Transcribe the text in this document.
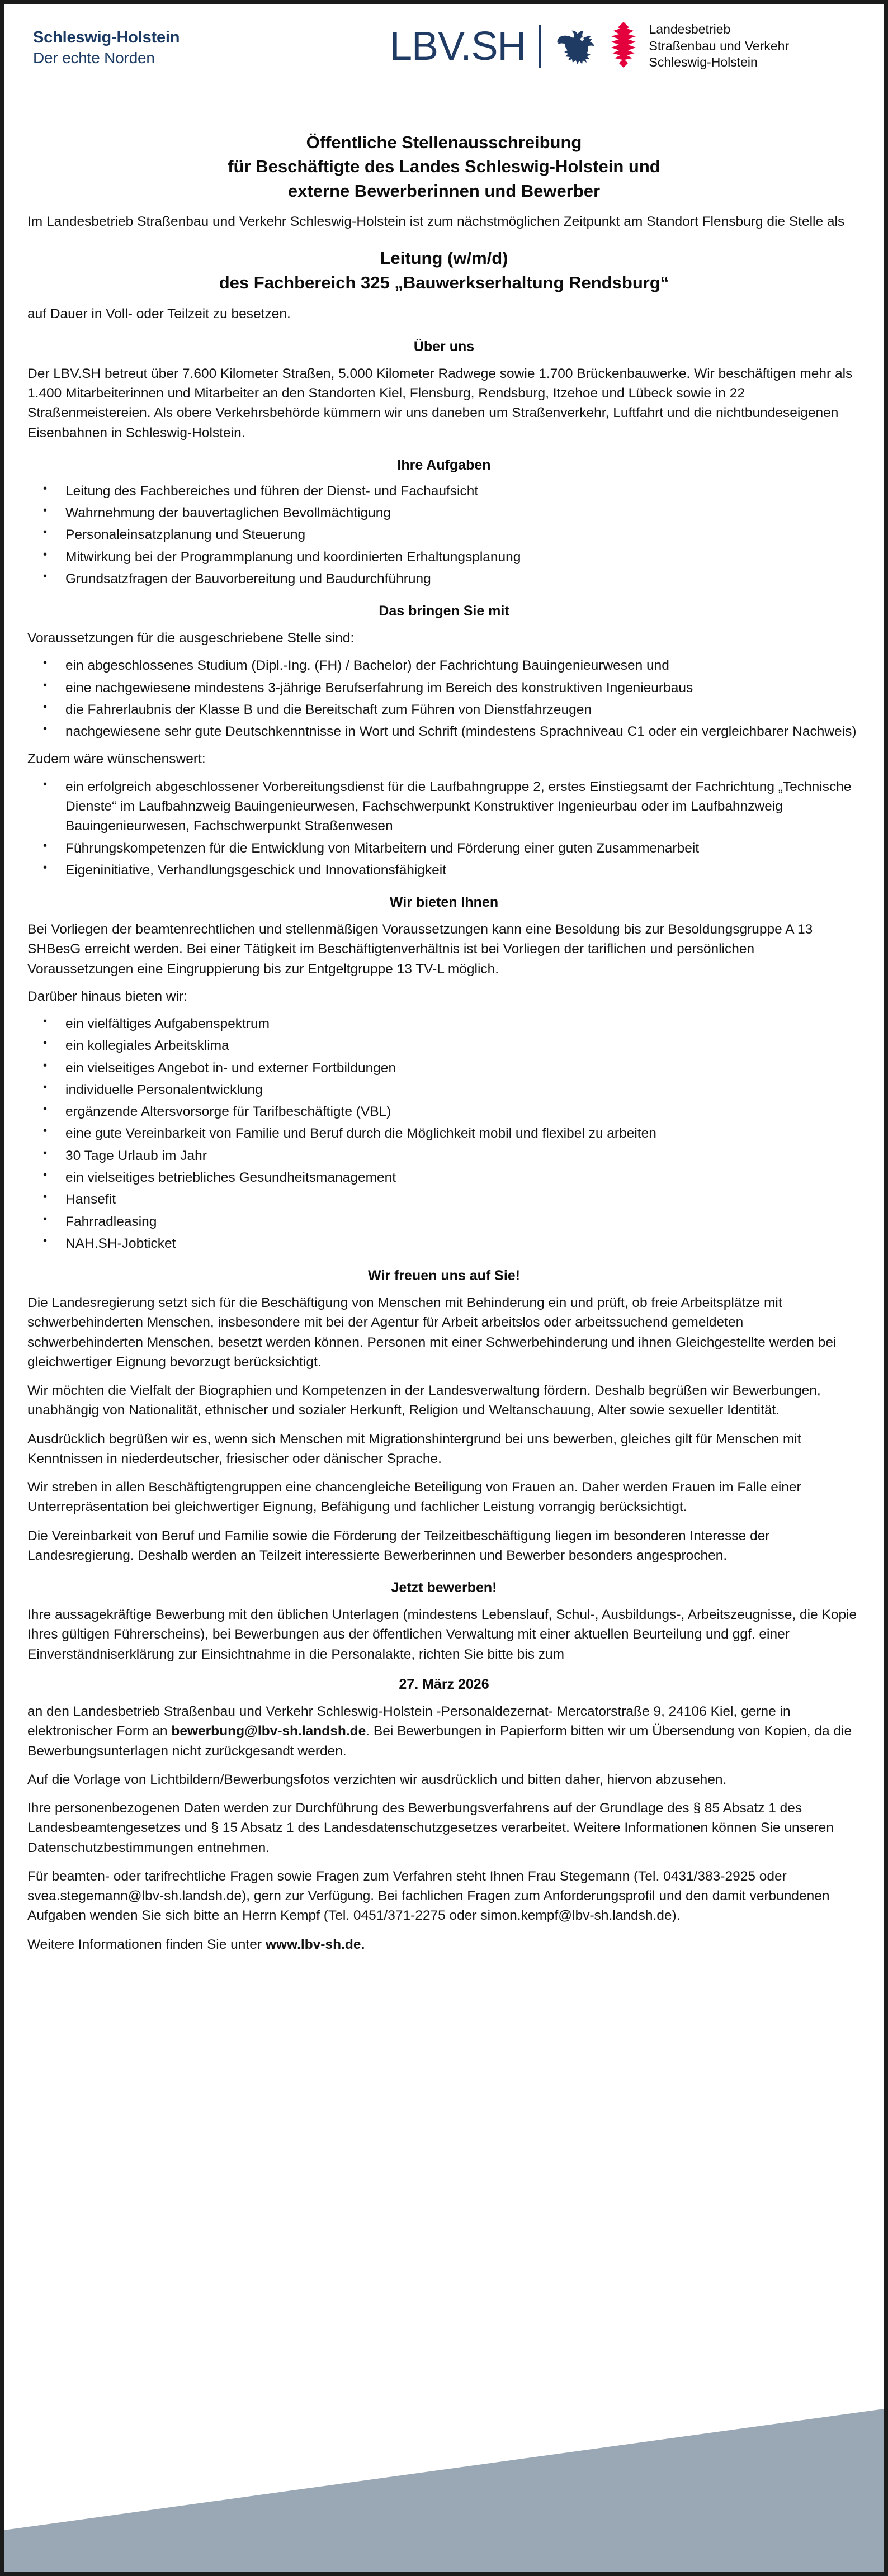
Schleswig-Holstein
Der echte Norden	LBV.SH	Landesbetrieb
Straßenbau und Verkehr
Schleswig-Holstein
Öffentliche Stellenausschreibung
für Beschäftigte des Landes Schleswig-Holstein und
externe Bewerberinnen und Bewerber

Im Landesbetrieb Straßenbau und Verkehr Schleswig-Holstein ist zum nächstmöglichen Zeitpunkt am Standort Flensburg die Stelle als

Leitung (w/m/d)
des Fachbereich 325 „Bauwerkserhaltung Rendsburg“

auf Dauer in Voll- oder Teilzeit zu besetzen.

Über uns

Der LBV.SH betreut über 7.600 Kilometer Straßen, 5.000 Kilometer Radwege sowie 1.700 Brückenbauwerke. Wir beschäftigen mehr als 1.400 Mitarbeiterinnen und Mitarbeiter an den Standorten Kiel, Flensburg, Rendsburg, Itzehoe und Lübeck sowie in 22 Straßenmeistereien. Als obere Verkehrsbehörde kümmern wir uns daneben um Straßenverkehr, Luftfahrt und die nichtbundeseigenen Eisenbahnen in Schleswig-Holstein.

Ihre Aufgaben
• Leitung des Fachbereiches und führen der Dienst- und Fachaufsicht
• Wahrnehmung der bauvertaglichen Bevollmächtigung
• Personaleinsatzplanung und Steuerung
• Mitwirkung bei der Programmplanung und koordinierten Erhaltungsplanung
• Grundsatzfragen der Bauvorbereitung und Baudurchführung
Das bringen Sie mit

Voraussetzungen für die ausgeschriebene Stelle sind:

• ein abgeschlossenes Studium (Dipl.-Ing. (FH) / Bachelor) der Fachrichtung Bauingenieurwesen und
• eine nachgewiesene mindestens 3-jährige Berufserfahrung im Bereich des konstruktiven Ingenieurbaus
• die Fahrerlaubnis der Klasse B und die Bereitschaft zum Führen von Dienstfahrzeugen
• nachgewiesene sehr gute Deutschkenntnisse in Wort und Schrift (mindestens Sprachniveau C1 oder ein vergleichbarer Nachweis)

Zudem wäre wünschenswert:

• ein erfolgreich abgeschlossener Vorbereitungsdienst für die Laufbahngruppe 2, erstes Einstiegsamt der Fachrichtung „Technische Dienste“ im Laufbahnzweig Bauingenieurwesen, Fachschwerpunkt Konstruktiver Ingenieurbau oder im Laufbahnzweig Bauingenieurwesen, Fachschwerpunkt Straßenwesen
• Führungskompetenzen für die Entwicklung von Mitarbeitern und Förderung einer guten Zusammenarbeit
• Eigeninitiative, Verhandlungsgeschick und Innovationsfähigkeit
Wir bieten Ihnen

Bei Vorliegen der beamtenrechtlichen und stellenmäßigen Voraussetzungen kann eine Besoldung bis zur Besoldungsgruppe A 13 SHBesG erreicht werden. Bei einer Tätigkeit im Beschäftigtenverhältnis ist bei Vorliegen der tariflichen und persönlichen Voraussetzungen eine Eingruppierung bis zur Entgeltgruppe 13 TV-L möglich.

Darüber hinaus bieten wir:

• ein vielfältiges Aufgabenspektrum
• ein kollegiales Arbeitsklima
• ein vielseitiges Angebot in- und externer Fortbildungen
• individuelle Personalentwicklung
• ergänzende Altersvorsorge für Tarifbeschäftigte (VBL)
• eine gute Vereinbarkeit von Familie und Beruf durch die Möglichkeit mobil und flexibel zu arbeiten
• 30 Tage Urlaub im Jahr
• ein vielseitiges betriebliches Gesundheitsmanagement
• Hansefit
• Fahrradleasing
• NAH.SH-Jobticket
Wir freuen uns auf Sie!

Die Landesregierung setzt sich für die Beschäftigung von Menschen mit Behinderung ein und prüft, ob freie Arbeitsplätze mit schwerbehinderten Menschen, insbesondere mit bei der Agentur für Arbeit arbeitslos oder arbeitssuchend gemeldeten schwerbehinderten Menschen, besetzt werden können. Personen mit einer Schwerbehinderung und ihnen Gleichgestellte werden bei gleichwertiger Eignung bevorzugt berücksichtigt.

Wir möchten die Vielfalt der Biographien und Kompetenzen in der Landesverwaltung fördern. Deshalb begrüßen wir Bewerbungen, unabhängig von Nationalität, ethnischer und sozialer Herkunft, Religion und Weltanschauung, Alter sowie sexueller Identität.

Ausdrücklich begrüßen wir es, wenn sich Menschen mit Migrationshintergrund bei uns bewerben, gleiches gilt für Menschen mit Kenntnissen in niederdeutscher, friesischer oder dänischer Sprache.

Wir streben in allen Beschäftigtengruppen eine chancengleiche Beteiligung von Frauen an. Daher werden Frauen im Falle einer Unterrepräsentation bei gleichwertiger Eignung, Befähigung und fachlicher Leistung vorrangig berücksichtigt.

Die Vereinbarkeit von Beruf und Familie sowie die Förderung der Teilzeitbeschäftigung liegen im besonderen Interesse der Landesregierung. Deshalb werden an Teilzeit interessierte Bewerberinnen und Bewerber besonders angesprochen.

Jetzt bewerben!

Ihre aussagekräftige Bewerbung mit den üblichen Unterlagen (mindestens Lebenslauf, Schul-, Ausbildungs-, Arbeitszeugnisse, die Kopie Ihres gültigen Führerscheins), bei Bewerbungen aus der öffentlichen Verwaltung mit einer aktuellen Beurteilung und ggf. einer Einverständniserklärung zur Einsichtnahme in die Personalakte, richten Sie bitte bis zum

27. März 2026

an den Landesbetrieb Straßenbau und Verkehr Schleswig-Holstein -Personaldezernat- Mercatorstraße 9, 24106 Kiel, gerne in elektronischer Form an bewerbung@lbv-sh.landsh.de. Bei Bewerbungen in Papierform bitten wir um Übersendung von Kopien, da die Bewerbungsunterlagen nicht zurückgesandt werden.

Auf die Vorlage von Lichtbildern/Bewerbungsfotos verzichten wir ausdrücklich und bitten daher, hiervon abzusehen.

Ihre personenbezogenen Daten werden zur Durchführung des Bewerbungsverfahrens auf der Grundlage des § 85 Absatz 1 des Landesbeamtengesetzes und § 15 Absatz 1 des Landesdatenschutzgesetzes verarbeitet. Weitere Informationen können Sie unseren Datenschutzbestimmungen entnehmen.

Für beamten- oder tarifrechtliche Fragen sowie Fragen zum Verfahren steht Ihnen Frau Stegemann (Tel. 0431/383-2925 oder svea.stegemann@lbv-sh.landsh.de), gern zur Verfügung. Bei fachlichen Fragen zum Anforderungsprofil und den damit verbundenen Aufgaben wenden Sie sich bitte an Herrn Kempf (Tel. 0451/371-2275 oder simon.kempf@lbv-sh.landsh.de).

Weitere Informationen finden Sie unter www.lbv-sh.de.
